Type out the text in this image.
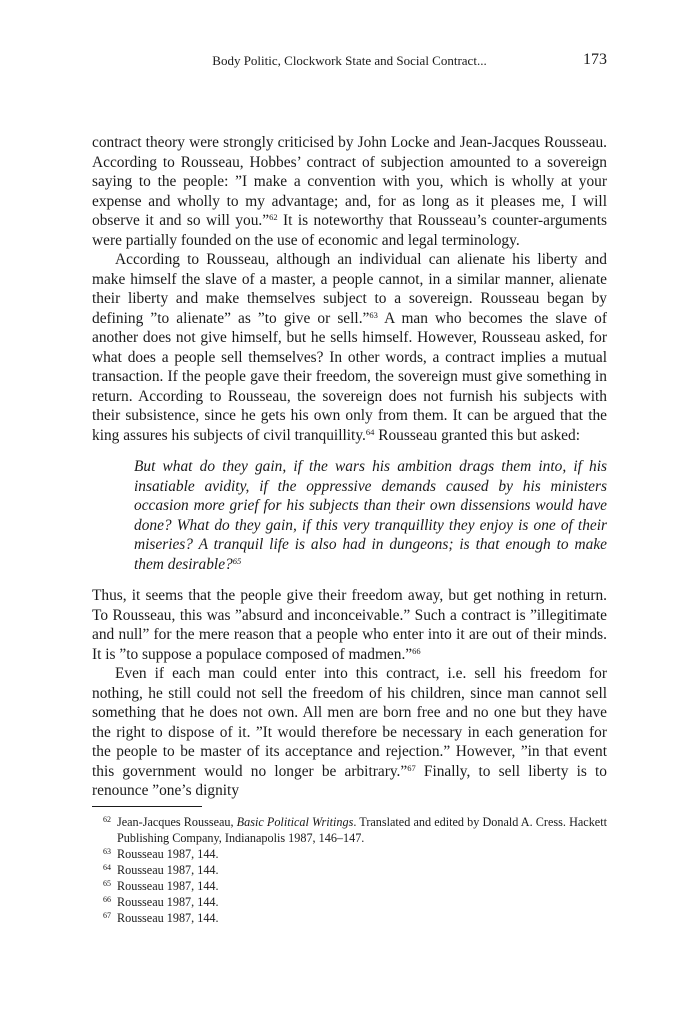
Body Politic, Clockwork State and Social Contract...	173

contract theory were strongly criticised by John Locke and Jean-Jacques Rousseau. According to Rousseau, Hobbes’ contract of subjection amounted to a sovereign saying to the people: ”I make a convention with you, which is wholly at your expense and wholly to my advantage; and, for as long as it pleases me, I will observe it and so will you.”$^{62}$ It is noteworthy that Rousseau’s counter-arguments were partially founded on the use of economic and legal terminology.

According to Rousseau, although an individual can alienate his liberty and make himself the slave of a master, a people cannot, in a similar manner, alienate their liberty and make themselves subject to a sovereign. Rousseau began by defining ”to alienate” as ”to give or sell.”$^{63}$ A man who becomes the slave of another does not give himself, but he sells himself. However, Rousseau asked, for what does a people sell themselves? In other words, a contract implies a mutual transaction. If the people gave their freedom, the sovereign must give something in return. According to Rousseau, the sovereign does not furnish his subjects with their subsistence, since he gets his own only from them. It can be argued that the king assures his subjects of civil tranquillity.$^{64}$ Rousseau granted this but asked:

But what do they gain, if the wars his ambition drags them into, if his insatiable avidity, if the oppressive demands caused by his ministers occasion more grief for his subjects than their own dissensions would have done? What do they gain, if this very tranquillity they enjoy is one of their miseries? A tranquil life is also had in dungeons; is that enough to make them desirable?$^{65}$

Thus, it seems that the people give their freedom away, but get nothing in return. To Rousseau, this was ”absurd and inconceivable.” Such a contract is ”illegitimate and null” for the mere reason that a people who enter into it are out of their minds. It is ”to suppose a populace composed of madmen.”$^{66}$

Even if each man could enter into this contract, i.e. sell his freedom for nothing, he still could not sell the freedom of his children, since man cannot sell something that he does not own. All men are born free and no one but they have the right to dispose of it. ”It would therefore be necessary in each generation for the people to be master of its acceptance and rejection.” However, ”in that event this government would no longer be arbitrary.”$^{67}$ Finally, to sell liberty is to renounce ”one’s dignity

62 Jean-Jacques Rousseau, Basic Political Writings. Translated and edited by Donald A. Cress. Hackett Publishing Company, Indianapolis 1987, 146–147.
63 Rousseau 1987, 144.
64 Rousseau 1987, 144.
65 Rousseau 1987, 144.
66 Rousseau 1987, 144.
67 Rousseau 1987, 144.
